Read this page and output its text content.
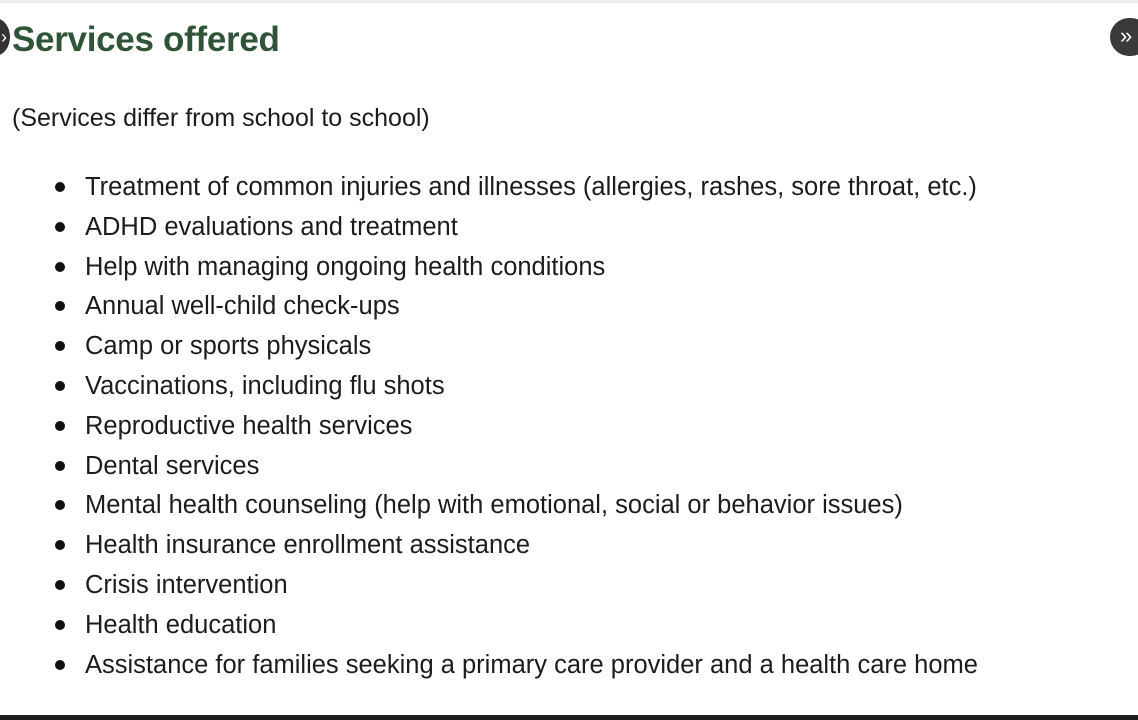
› Services offered	»
(Services differ from school to school)
Treatment of common injuries and illnesses (allergies, rashes, sore throat, etc.)
ADHD evaluations and treatment
Help with managing ongoing health conditions
Annual well-child check-ups
Camp or sports physicals
Vaccinations, including flu shots
Reproductive health services
Dental services
Mental health counseling (help with emotional, social or behavior issues)
Health insurance enrollment assistance
Crisis intervention
Health education
Assistance for families seeking a primary care provider and a health care home
